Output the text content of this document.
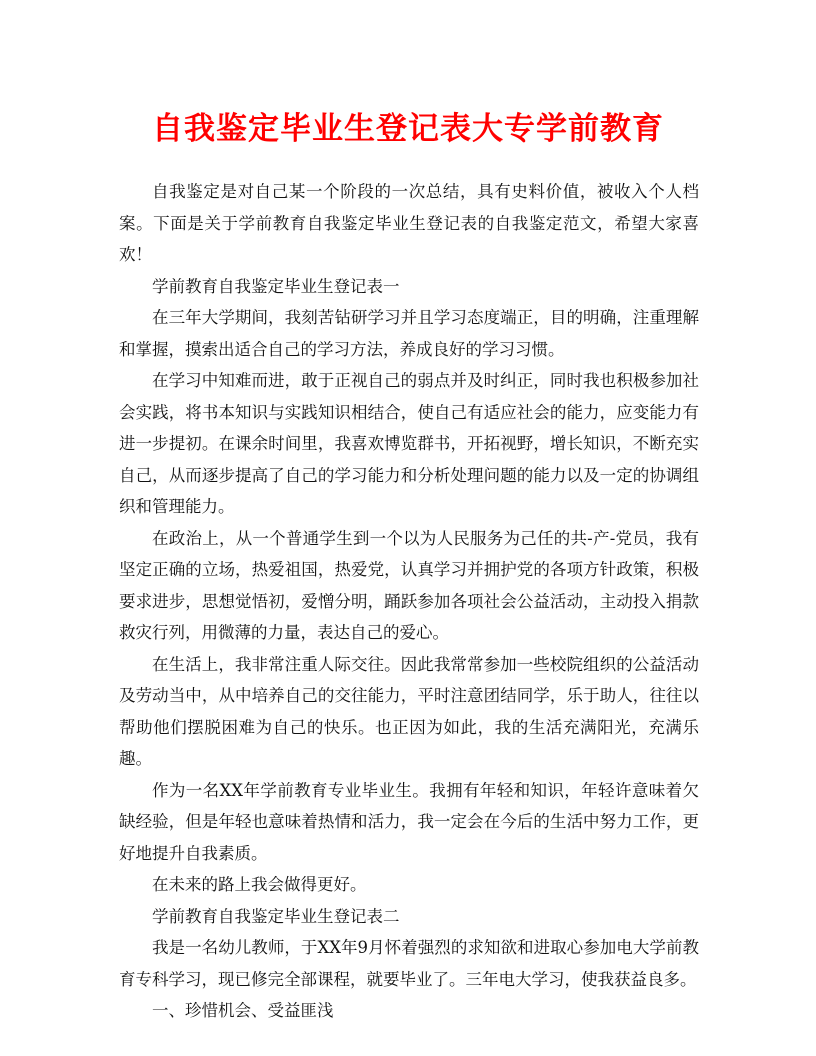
自我鉴定毕业生登记表大专学前教育

自我鉴定是对自己某一个阶段的一次总结，具有史料价值，被收入个人档案。下面是关于学前教育自我鉴定毕业生登记表的自我鉴定范文，希望大家喜欢！

学前教育自我鉴定毕业生登记表一

在三年大学期间，我刻苦钻研学习并且学习态度端正，目的明确，注重理解和掌握，摸索出适合自己的学习方法，养成良好的学习习惯。

在学习中知难而进，敢于正视自己的弱点并及时纠正，同时我也积极参加社会实践，将书本知识与实践知识相结合，使自己有适应社会的能力，应变能力有进一步提初。在课余时间里，我喜欢博览群书，开拓视野，增长知识，不断充实自己，从而逐步提高了自己的学习能力和分析处理问题的能力以及一定的协调组织和管理能力。

在政治上，从一个普通学生到一个以为人民服务为己任的共-产-党员，我有坚定正确的立场，热爱祖国，热爱党，认真学习并拥护党的各项方针政策，积极要求进步，思想觉悟初，爱憎分明，踊跃参加各项社会公益活动，主动投入捐款救灾行列，用微薄的力量，表达自己的爱心。

在生活上，我非常注重人际交往。因此我常常参加一些校院组织的公益活动及劳动当中，从中培养自己的交往能力，平时注意团结同学，乐于助人，往往以帮助他们摆脱困难为自己的快乐。也正因为如此，我的生活充满阳光，充满乐趣。

作为一名XX年学前教育专业毕业生。我拥有年轻和知识，年轻许意味着欠缺经验，但是年轻也意味着热情和活力，我一定会在今后的生活中努力工作，更好地提升自我素质。

在未来的路上我会做得更好。

学前教育自我鉴定毕业生登记表二

我是一名幼儿教师，于XX年9月怀着强烈的求知欲和进取心参加电大学前教育专科学习，现已修完全部课程，就要毕业了。三年电大学习，使我获益良多。

一、珍惜机会、受益匪浅
